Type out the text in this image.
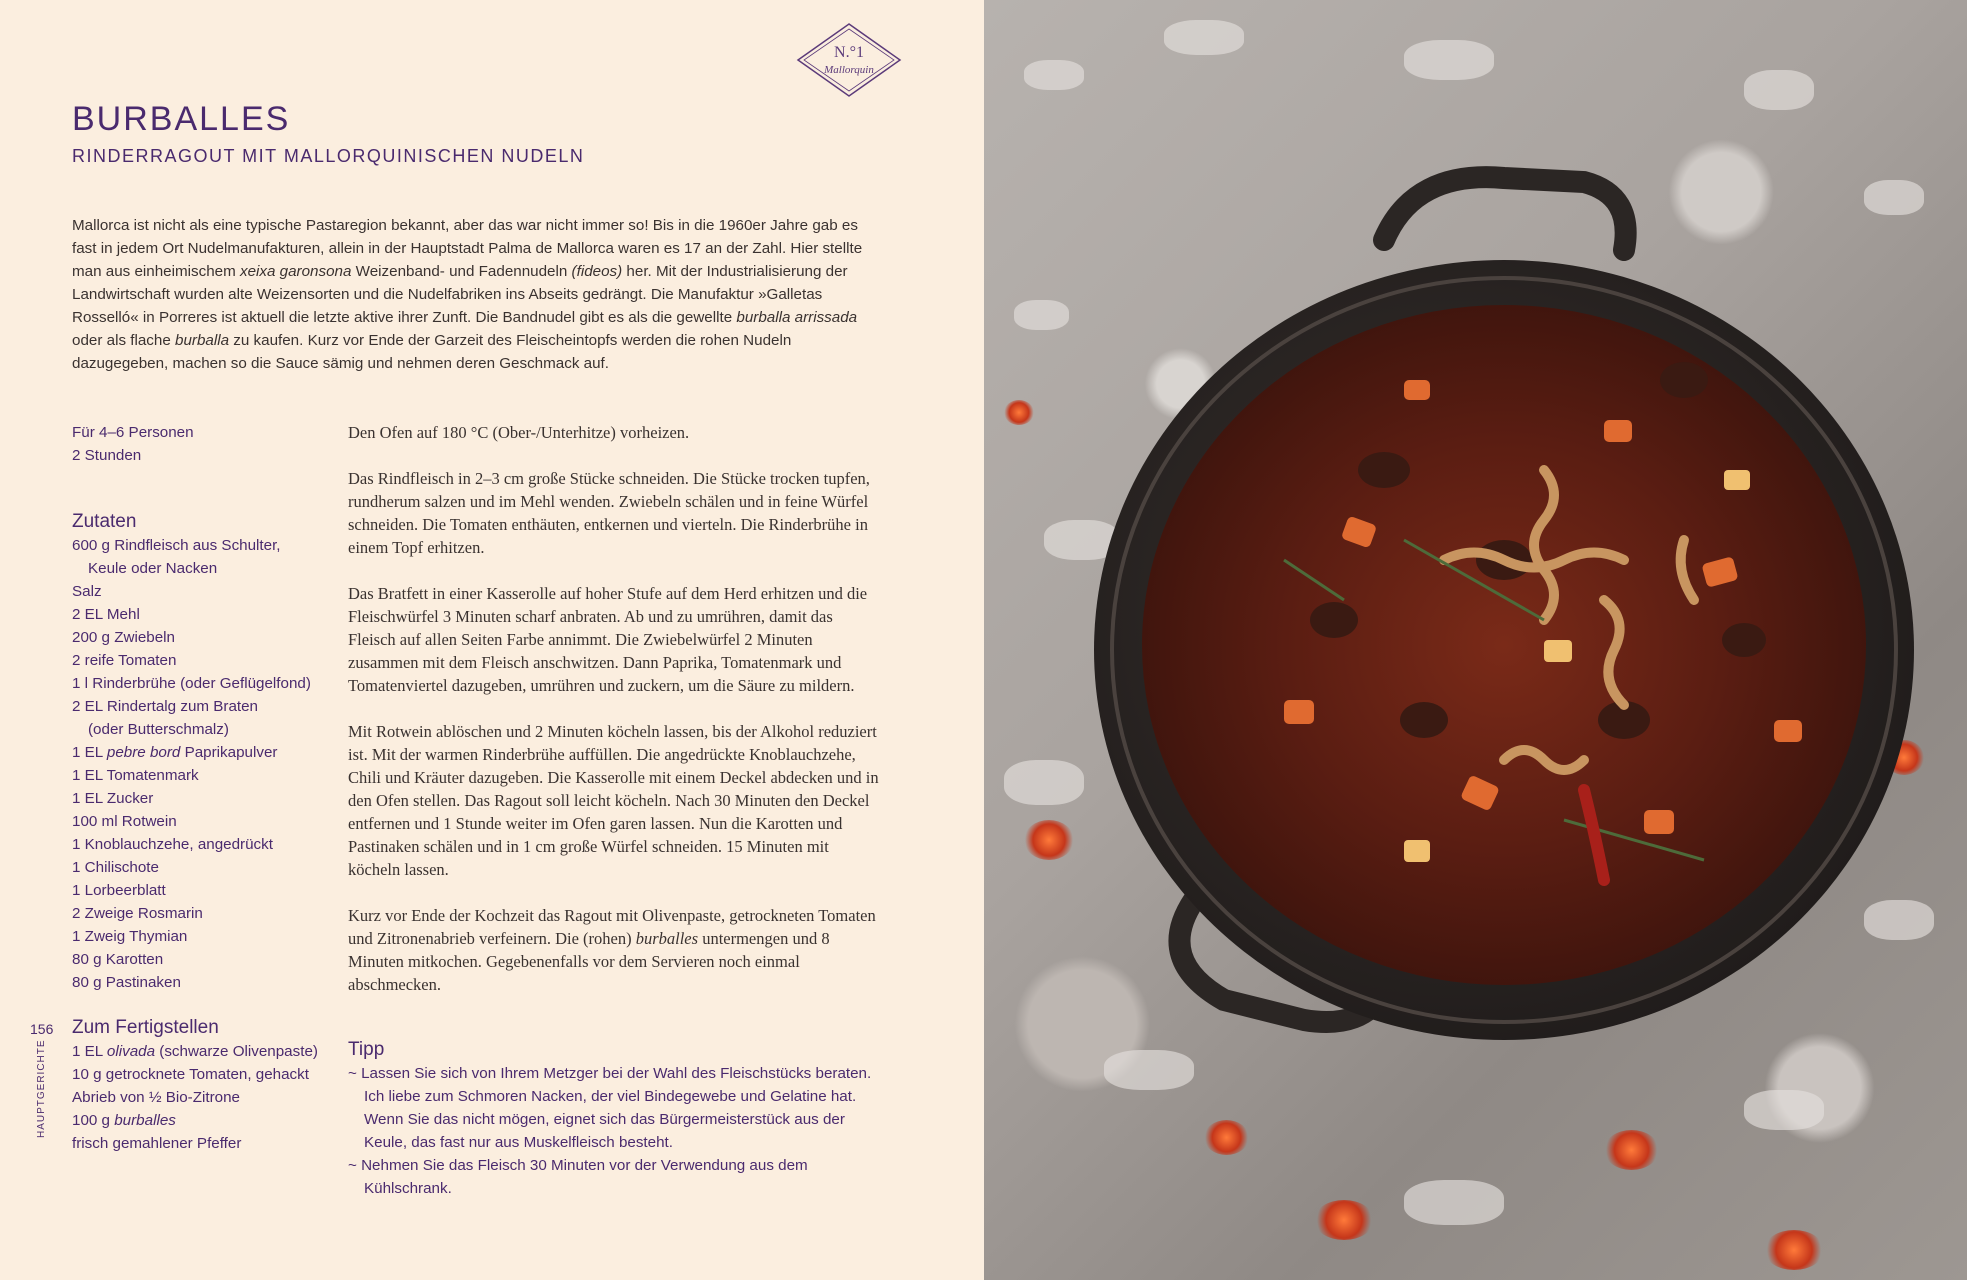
N.°1
Mallorquin
BURBALLES
RINDERRAGOUT MIT MALLORQUINISCHEN NUDELN

Mallorca ist nicht als eine typische Pastaregion bekannt, aber das war nicht immer so! Bis in die 1960er Jahre gab es fast in jedem Ort Nudelmanufakturen, allein in der Hauptstadt Palma de Mallorca waren es 17 an der Zahl. Hier stellte man aus einheimischem xeixa garonsona Weizenband- und Fadennudeln (fideos) her. Mit der Industrialisierung der Landwirtschaft wurden alte Weizensorten und die Nudelfabriken ins Abseits gedrängt. Die Manufaktur »Galletas Rosselló« in Porreres ist aktuell die letzte aktive ihrer Zunft. Die Bandnudel gibt es als die gewellte burballa arrissada oder als flache burballa zu kaufen. Kurz vor Ende der Garzeit des Fleischeintopfs werden die rohen Nudeln dazugegeben, machen so die Sauce sämig und nehmen deren Geschmack auf.

Für 4–6 Personen
2 Stunden
Zutaten
600 g Rindfleisch aus Schulter,
Keule oder Nacken
Salz
2 EL Mehl
200 g Zwiebeln
2 reife Tomaten
1 l Rinderbrühe (oder Geflügelfond)
2 EL Rindertalg zum Braten
(oder Butterschmalz)
1 EL pebre bord Paprikapulver
1 EL Tomatenmark
1 EL Zucker
100 ml Rotwein
1 Knoblauchzehe, angedrückt
1 Chilischote
1 Lorbeerblatt
2 Zweige Rosmarin
1 Zweig Thymian
80 g Karotten
80 g Pastinaken
Zum Fertigstellen
1 EL olivada (schwarze Olivenpaste)
10 g getrocknete Tomaten, gehackt
Abrieb von ½ Bio-Zitrone
100 g burballes
frisch gemahlener Pfeffer

Den Ofen auf 180 °C (Ober-/Unterhitze) vorheizen.

Das Rindfleisch in 2–3 cm große Stücke schneiden. Die Stücke trocken tupfen, rundherum salzen und im Mehl wenden. Zwiebeln schälen und in feine Würfel schneiden. Die Tomaten enthäuten, entkernen und vierteln. Die Rinderbrühe in einem Topf erhitzen.

Das Bratfett in einer Kasserolle auf hoher Stufe auf dem Herd erhitzen und die Fleischwürfel 3 Minuten scharf anbraten. Ab und zu umrühren, damit das Fleisch auf allen Seiten Farbe annimmt. Die Zwiebelwürfel 2 Minuten zusammen mit dem Fleisch anschwitzen. Dann Paprika, Tomatenmark und Tomatenviertel dazugeben, umrühren und zuckern, um die Säure zu mildern.

Mit Rotwein ablöschen und 2 Minuten köcheln lassen, bis der Alkohol reduziert ist. Mit der warmen Rinderbrühe auffüllen. Die angedrückte Knoblauchzehe, Chili und Kräuter dazugeben. Die Kasserolle mit einem Deckel abdecken und in den Ofen stellen. Das Ragout soll leicht köcheln. Nach 30 Minuten den Deckel entfernen und 1 Stunde weiter im Ofen garen lassen. Nun die Karotten und Pastinaken schälen und in 1 cm große Würfel schneiden. 15 Minuten mit köcheln lassen.

Kurz vor Ende der Kochzeit das Ragout mit Olivenpaste, getrockneten Tomaten und Zitronenabrieb verfeinern. Die (rohen) burballes untermengen und 8 Minuten mitkochen. Gegebenenfalls vor dem Servieren noch einmal abschmecken.

Tipp
~ Lassen Sie sich von Ihrem Metzger bei der Wahl des Fleischstücks beraten. Ich liebe zum Schmoren Nacken, der viel Bindegewebe und Gelatine hat. Wenn Sie das nicht mögen, eignet sich das Bürgermeisterstück aus der Keule, das fast nur aus Muskelfleisch besteht.
~ Nehmen Sie das Fleisch 30 Minuten vor der Verwendung aus dem Kühlschrank.
156
HAUPTGERICHTE
